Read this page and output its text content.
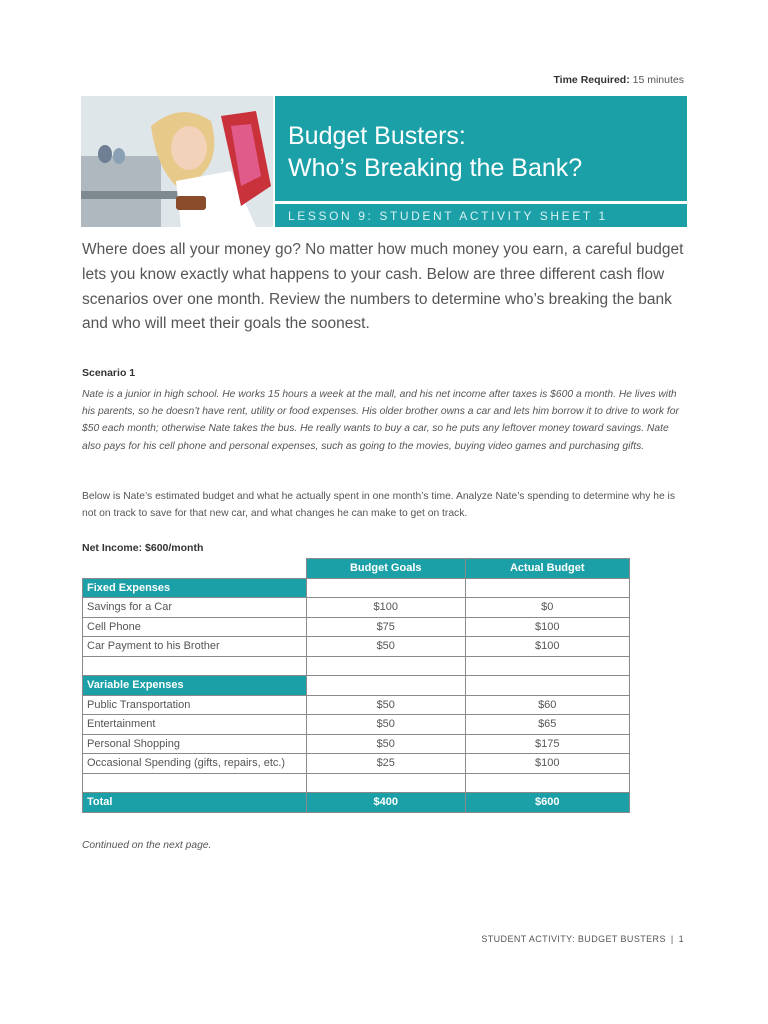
Time Required: 15 minutes
Budget Busters:
Who’s Breaking the Bank?
LESSON 9: STUDENT ACTIVITY SHEET 1
Where does all your money go? No matter how much money you earn, a careful budget lets you know exactly what happens to your cash. Below are three different cash flow scenarios over one month. Review the numbers to determine who’s breaking the bank and who will meet their goals the soonest.
Scenario 1
Nate is a junior in high school. He works 15 hours a week at the mall, and his net income after taxes is $600 a month. He lives with his parents, so he doesn’t have rent, utility or food expenses. His older brother owns a car and lets him borrow it to drive to work for $50 each month; otherwise Nate takes the bus. He really wants to buy a car, so he puts any leftover money toward savings. Nate also pays for his cell phone and personal expenses, such as going to the movies, buying video games and purchasing gifts.
Below is Nate’s estimated budget and what he actually spent in one month’s time. Analyze Nate’s spending to determine why he is not on track to save for that new car, and what changes he can make to get on track.
Net Income: $600/month
	Budget Goals	Actual Budget
Fixed Expenses		
Savings for a Car	$100	$0
Cell Phone	$75	$100
Car Payment to his Brother	$50	$100

Variable Expenses		
Public Transportation	$50	$60
Entertainment	$50	$65
Personal Shopping	$50	$175
Occasional Spending (gifts, repairs, etc.)	$25	$100

Total	$400	$600
Continued on the next page.
STUDENT ACTIVITY: BUDGET BUSTERS | 1
